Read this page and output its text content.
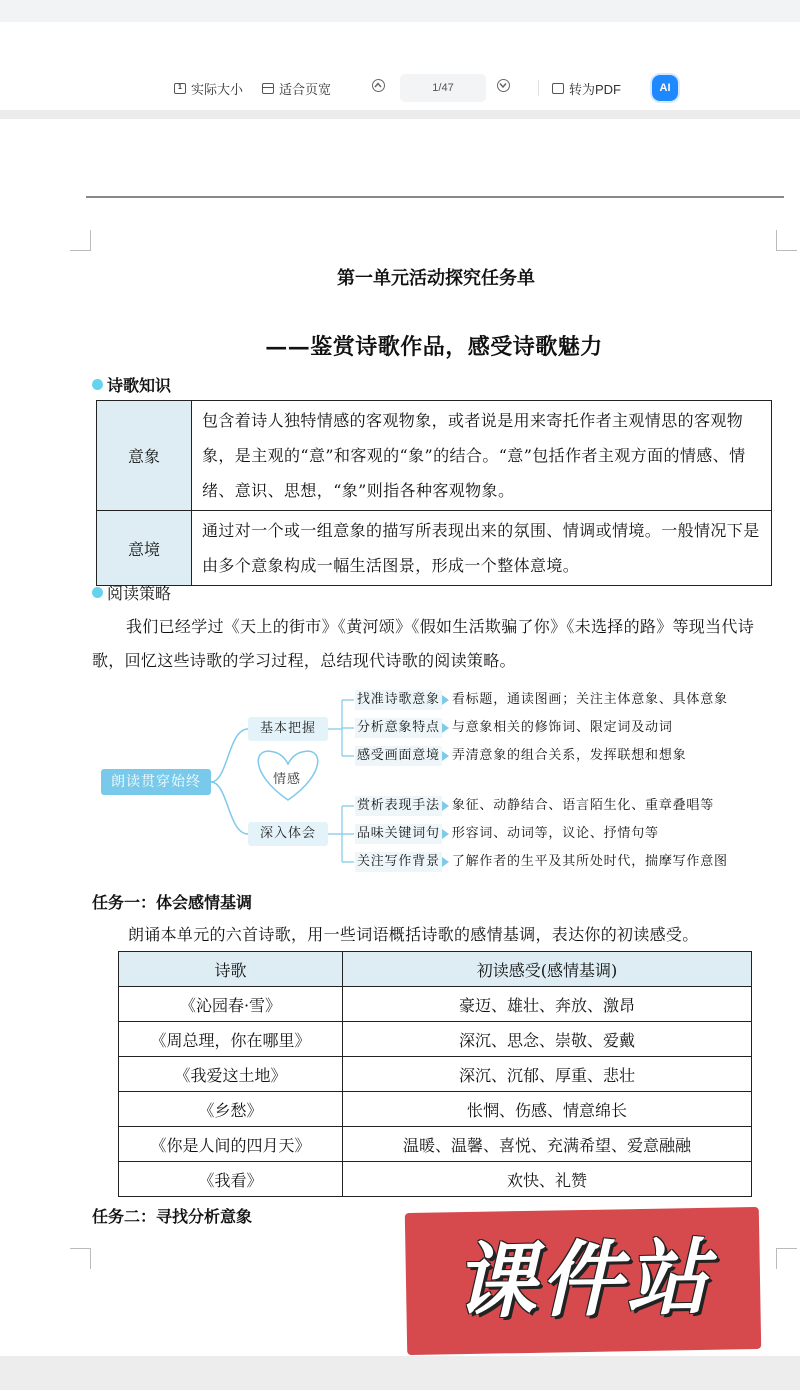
1 实际大小	适合页宽	1/47	转为PDF	AI
第一单元活动探究任务单
——鉴赏诗歌作品，感受诗歌魅力
诗歌知识
意象	包含着诗人独特情感的客观物象，或者说是用来寄托作者主观情思的客观物象，是主观的“意”和客观的“象”的结合。“意”包括作者主观方面的情感、情绪、意识、思想，“象”则指各种客观物象。
意境	通过对一个或一组意象的描写所表现出来的氛围、情调或情境。一般情况下是由多个意象构成一幅生活图景，形成一个整体意境。
阅读策略
我们已经学过《天上的街市》《黄河颂》《假如生活欺骗了你》《未选择的路》等现当代诗歌，回忆这些诗歌的学习过程，总结现代诗歌的阅读策略。
朗读贯穿始终	情感
基本把握
深入体会
找准诗歌意象 看标题，通读图画；关注主体意象、具体意象
分析意象特点 与意象相关的修饰词、限定词及动词
感受画面意境 弄清意象的组合关系，发挥联想和想象
赏析表现手法 象征、动静结合、语言陌生化、重章叠唱等
品味关键词句 形容词、动词等，议论、抒情句等
关注写作背景 了解作者的生平及其所处时代，揣摩写作意图
任务一：体会感情基调
朗诵本单元的六首诗歌，用一些词语概括诗歌的感情基调，表达你的初读感受。
诗歌	初读感受(感情基调)
《沁园春·雪》	豪迈、雄壮、奔放、激昂
《周总理，你在哪里》	深沉、思念、崇敬、爱戴
《我爱这土地》	深沉、沉郁、厚重、悲壮
《乡愁》	怅惘、伤感、情意绵长
《你是人间的四月天》	温暖、温馨、喜悦、充满希望、爱意融融
《我看》	欢快、礼赞
任务二：寻找分析意象
课件站
